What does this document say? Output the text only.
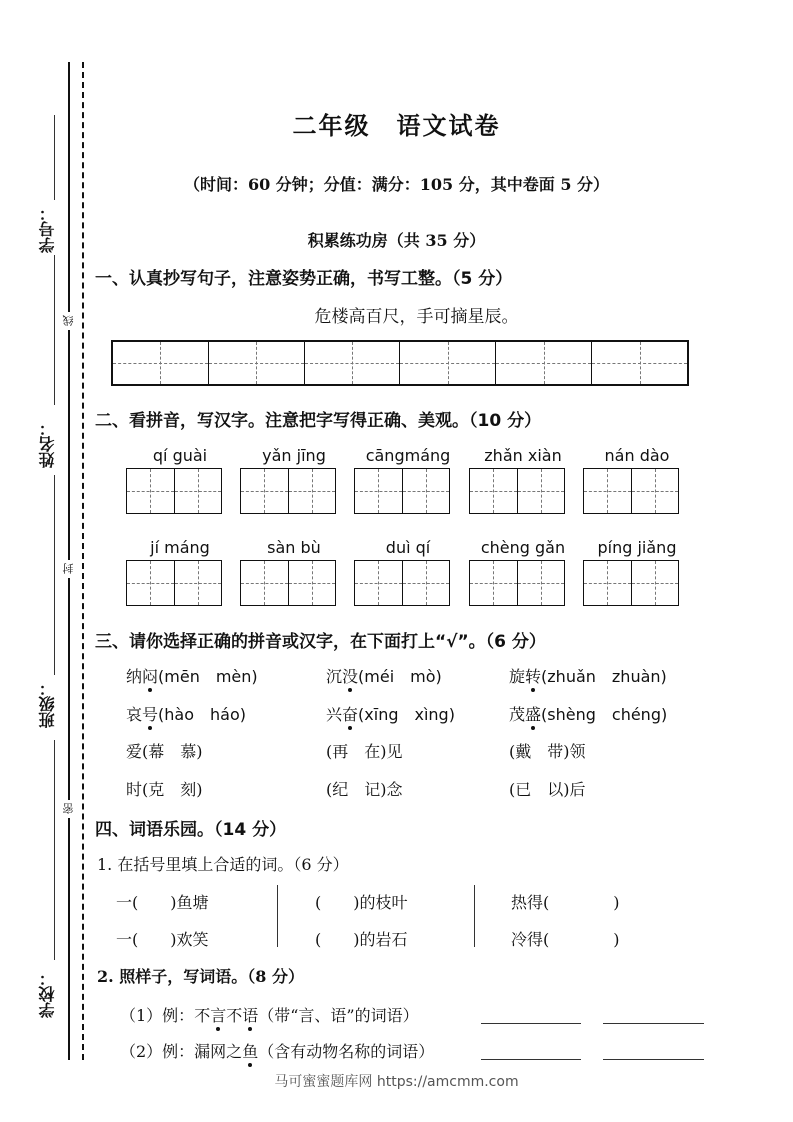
学号：
姓名：
班级：
学校：
线
封
密
二年级　语文试卷
（时间：60 分钟；分值：满分：105 分，其中卷面 5 分）
积累练功房（共 35 分）
一、认真抄写句子，注意姿势正确，书写工整。（5 分）
危楼高百尺，手可摘星辰。
二、看拼音，写汉字。注意把字写得正确、美观。（10 分）
qí guài	yǎn jīng	cāngmáng	zhǎn xiàn	nán dào
jí máng	sàn bù	duì qí	chèng gǎn	píng jiǎng
三、请你选择正确的拼音或汉字，在下面打上“√”。（6 分）
纳闷(mēn　mèn)	沉没(méi　mò)	旋转(zhuǎn　zhuàn)
哀号(hào　háo)	兴奋(xīng　xìng)	茂盛(shèng　chéng)
爱(幕　慕)	(再　在)见	(戴　带)领
时(克　刻)	(纪　记)念	(已　以)后
四、词语乐园。（14 分）
1. 在括号里填上合适的词。（6 分）
一(　　)鱼塘	(　　)的枝叶	热得(　　　　)
一(　　)欢笑	(　　)的岩石	冷得(　　　　)
2. 照样子，写词语。（8 分）
（1）例：不言不语（带“言、语”的词语）
（2）例：漏网之鱼（含有动物名称的词语）
马可蜜蜜题库网 https://amcmm.com
